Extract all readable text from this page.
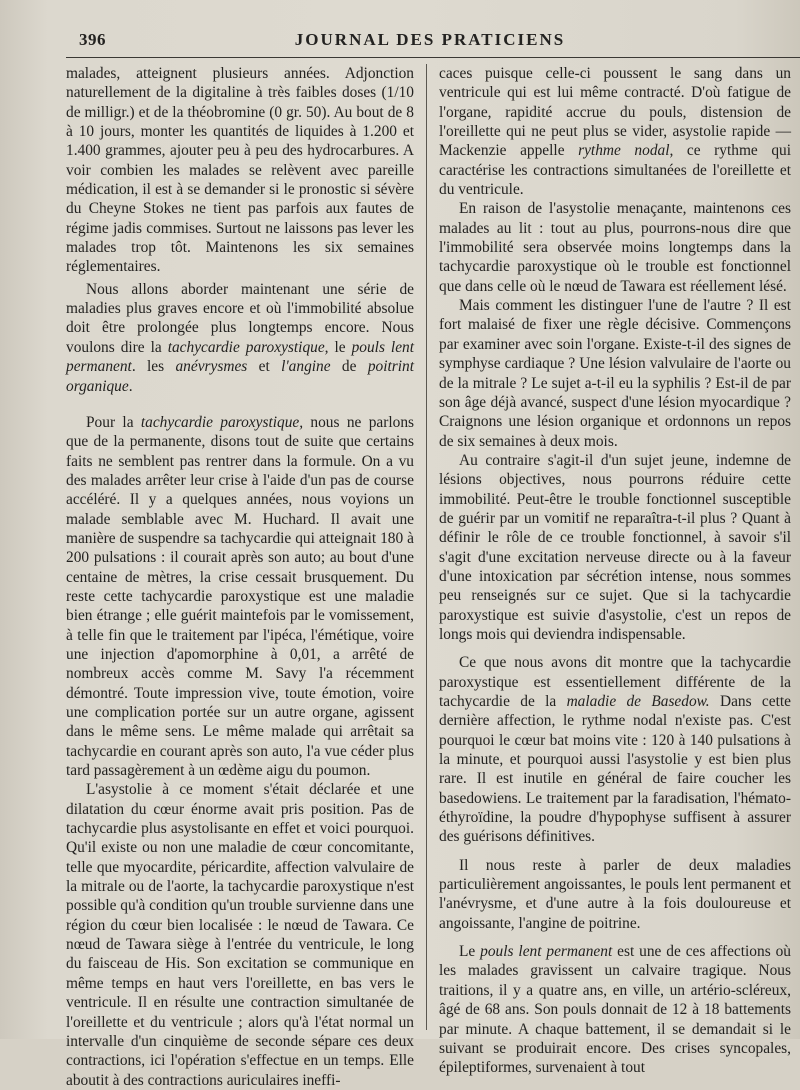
396	JOURNAL DES PRATICIENS

malades, atteignent plusieurs années. Adjonction naturellement de la digitaline à très faibles doses (1/10 de milligr.) et de la théobromine (0 gr. 50). Au bout de 8 à 10 jours, monter les quantités de liquides à 1.200 et 1.400 grammes, ajouter peu à peu des hydrocarbures. A voir combien les malades se relèvent avec pareille médication, il est à se demander si le pronostic si sévère du Cheyne Stokes ne tient pas parfois aux fautes de régime jadis commises. Surtout ne laissons pas lever les malades trop tôt. Maintenons les six semaines réglementaires.

Nous allons aborder maintenant une série de maladies plus graves encore et où l'immobilité absolue doit être prolongée plus longtemps encore. Nous voulons dire la tachycardie paroxystique, le pouls lent permanent. les anévrysmes et l'angine de poitrint organique.

Pour la tachycardie paroxystique, nous ne parlons que de la permanente, disons tout de suite que certains faits ne semblent pas rentrer dans la formule. On a vu des malades arrêter leur crise à l'aide d'un pas de course accéléré. Il y a quelques années, nous voyions un malade semblable avec M. Huchard. Il avait une manière de suspendre sa tachycardie qui atteignait 180 à 200 pulsations : il courait après son auto; au bout d'une centaine de mètres, la crise cessait brusquement. Du reste cette tachycardie paroxystique est une maladie bien étrange ; elle guérit maintefois par le vomissement, à telle fin que le traitement par l'ipéca, l'émétique, voire une injection d'apomorphine à 0,01, a arrêté de nombreux accès comme M. Savy l'a récemment démontré. Toute impression vive, toute émotion, voire une complication portée sur un autre organe, agissent dans le même sens. Le même malade qui arrêtait sa tachycardie en courant après son auto, l'a vue céder plus tard passagèrement à un œdème aigu du poumon.

L'asystolie à ce moment s'était déclarée et une dilatation du cœur énorme avait pris position. Pas de tachycardie plus asystolisante en effet et voici pourquoi. Qu'il existe ou non une maladie de cœur concomitante, telle que myocardite, péricardite, affection valvulaire de la mitrale ou de l'aorte, la tachycardie paroxystique n'est possible qu'à condition qu'un trouble survienne dans une région du cœur bien localisée : le nœud de Tawara. Ce nœud de Tawara siège à l'entrée du ventricule, le long du faisceau de His. Son excitation se communique en même temps en haut vers l'oreillette, en bas vers le ventricule. Il en résulte une contraction simultanée de l'oreillette et du ventricule ; alors qu'à l'état normal un intervalle d'un cinquième de seconde sépare ces deux contractions, ici l'opération s'effectue en un temps. Elle aboutit à des contractions auriculaires ineffi-

caces puisque celle-ci poussent le sang dans un ventricule qui est lui même contracté. D'où fatigue de l'organe, rapidité accrue du pouls, distension de l'oreillette qui ne peut plus se vider, asystolie rapide — Mackenzie appelle rythme nodal, ce rythme qui caractérise les contractions simultanées de l'oreillette et du ventricule.

En raison de l'asystolie menaçante, maintenons ces malades au lit : tout au plus, pourrons-nous dire que l'immobilité sera observée moins longtemps dans la tachycardie paroxystique où le trouble est fonctionnel que dans celle où le nœud de Tawara est réellement lésé.

Mais comment les distinguer l'une de l'autre ? Il est fort malaisé de fixer une règle décisive. Commençons par examiner avec soin l'organe. Existe-t-il des signes de symphyse cardiaque ? Une lésion valvulaire de l'aorte ou de la mitrale ? Le sujet a-t-il eu la syphilis ? Est-il de par son âge déjà avancé, suspect d'une lésion myocardique ? Craignons une lésion organique et ordonnons un repos de six semaines à deux mois.

Au contraire s'agit-il d'un sujet jeune, indemne de lésions objectives, nous pourrons réduire cette immobilité. Peut-être le trouble fonctionnel susceptible de guérir par un vomitif ne reparaîtra-t-il plus ? Quant à définir le rôle de ce trouble fonctionnel, à savoir s'il s'agit d'une excitation nerveuse directe ou à la faveur d'une intoxication par sécrétion intense, nous sommes peu renseignés sur ce sujet. Que si la tachycardie paroxystique est suivie d'asystolie, c'est un repos de longs mois qui deviendra indispensable.

Ce que nous avons dit montre que la tachycardie paroxystique est essentiellement différente de la tachycardie de la maladie de Basedow. Dans cette dernière affection, le rythme nodal n'existe pas. C'est pourquoi le cœur bat moins vite : 120 à 140 pulsations à la minute, et pourquoi aussi l'asystolie y est bien plus rare. Il est inutile en général de faire coucher les basedowiens. Le traitement par la faradisation, l'hémato-éthyroïdine, la poudre d'hypophyse suffisent à assurer des guérisons définitives.

Il nous reste à parler de deux maladies particulièrement angoissantes, le pouls lent permanent et l'anévrysme, et d'une autre à la fois douloureuse et angoissante, l'angine de poitrine.

Le pouls lent permanent est une de ces affections où les malades gravissent un calvaire tragique. Nous traitions, il y a quatre ans, en ville, un artério-scléreux, âgé de 68 ans. Son pouls donnait de 12 à 18 battements par minute. A chaque battement, il se demandait si le suivant se produirait encore. Des crises syncopales, épileptiformes, survenaient à tout
